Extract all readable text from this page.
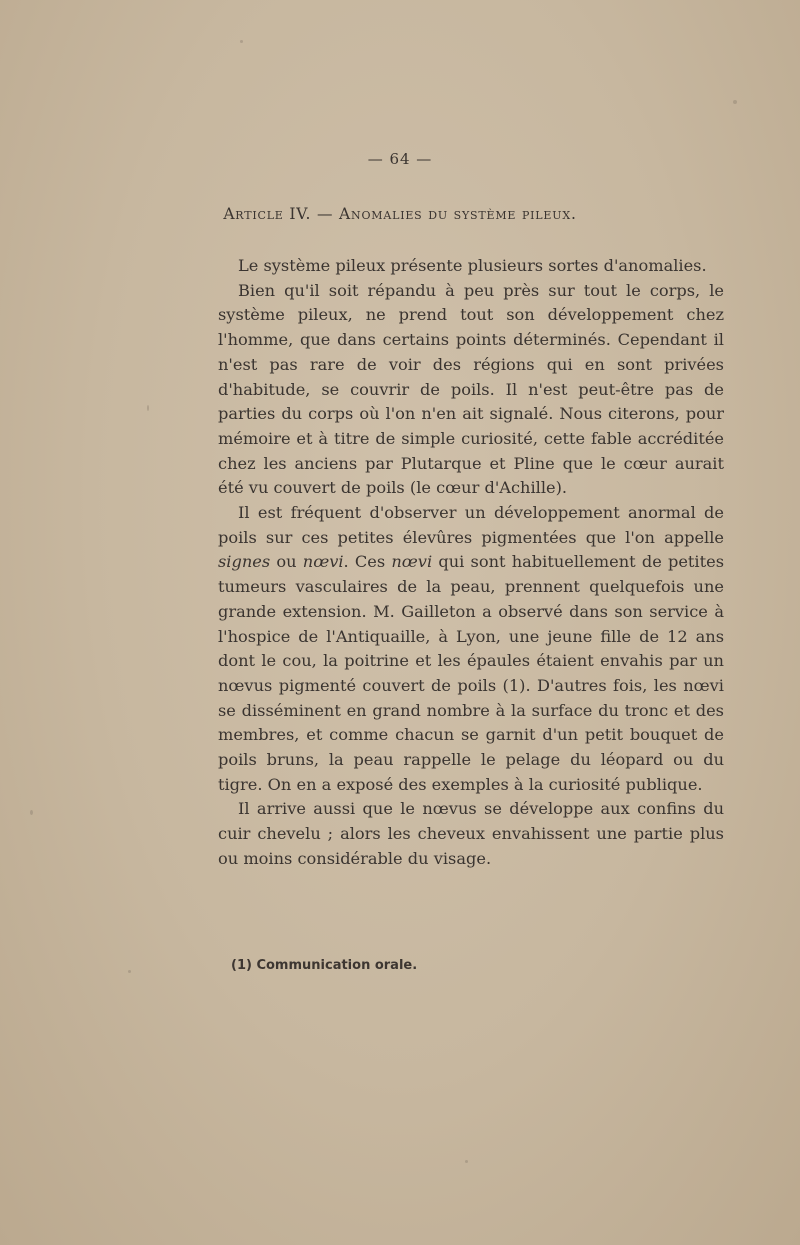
— 64 —
Article IV. — Anomalies du système pileux.

Le système pileux présente plusieurs sortes d'anomalies.

Bien qu'il soit répandu à peu près sur tout le corps, le système pileux, ne prend tout son développement chez l'homme, que dans certains points déterminés. Cependant il n'est pas rare de voir des régions qui en sont privées d'habitude, se couvrir de poils. Il n'est peut-être pas de parties du corps où l'on n'en ait signalé. Nous citerons, pour mémoire et à titre de simple curiosité, cette fable accréditée chez les anciens par Plutarque et Pline que le cœur aurait été vu couvert de poils (le cœur d'Achille).

Il est fréquent d'observer un développement anormal de poils sur ces petites élevûres pigmentées que l'on appelle signes ou nœvi. Ces nœvi qui sont habituellement de petites tumeurs vasculaires de la peau, prennent quelquefois une grande extension. M. Gailleton a observé dans son service à l'hospice de l'Antiquaille, à Lyon, une jeune fille de 12 ans dont le cou, la poitrine et les épaules étaient envahis par un nœvus pigmenté couvert de poils (1). D'autres fois, les nœvi se disséminent en grand nombre à la surface du tronc et des membres, et comme chacun se garnit d'un petit bouquet de poils bruns, la peau rappelle le pelage du léopard ou du tigre. On en a exposé des exemples à la curiosité publique.

Il arrive aussi que le nœvus se développe aux confins du cuir chevelu ; alors les cheveux envahissent une partie plus ou moins considérable du visage.

(1) Communication orale.
